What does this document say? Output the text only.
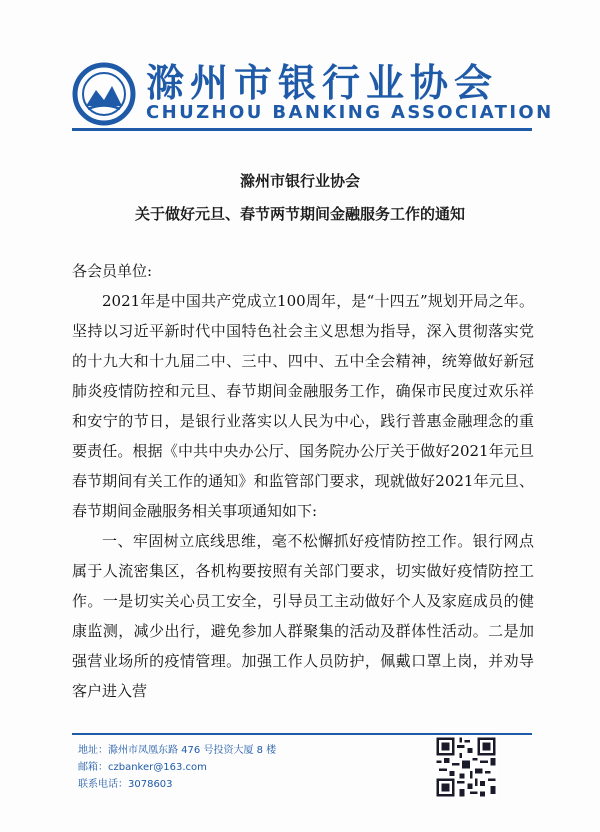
滁州市银行业协会
CHUZHOU BANKING ASSOCIATION
滁州市银行业协会
关于做好元旦、春节两节期间金融服务工作的通知

各会员单位:

2021年是中国共产党成立100周年，是“十四五”规划开局之年。坚持以习近平新时代中国特色社会主义思想为指导，深入贯彻落实党的十九大和十九届二中、三中、四中、五中全会精神，统筹做好新冠肺炎疫情防控和元旦、春节期间金融服务工作，确保市民度过欢乐祥和安宁的节日，是银行业落实以人民为中心，践行普惠金融理念的重要责任。根据《中共中央办公厅、国务院办公厅关于做好2021年元旦春节期间有关工作的通知》和监管部门要求，现就做好2021年元旦、春节期间金融服务相关事项通知如下:

一、牢固树立底线思维，毫不松懈抓好疫情防控工作。银行网点属于人流密集区，各机构要按照有关部门要求，切实做好疫情防控工作。一是切实关心员工安全，引导员工主动做好个人及家庭成员的健康监测，减少出行，避免参加人群聚集的活动及群体性活动。二是加强营业场所的疫情管理。加强工作人员防护，佩戴口罩上岗，并劝导客户进入营

地址：滁州市凤凰东路 476 号投资大厦 8 楼
邮箱：czbanker@163.com
联系电话：3078603
